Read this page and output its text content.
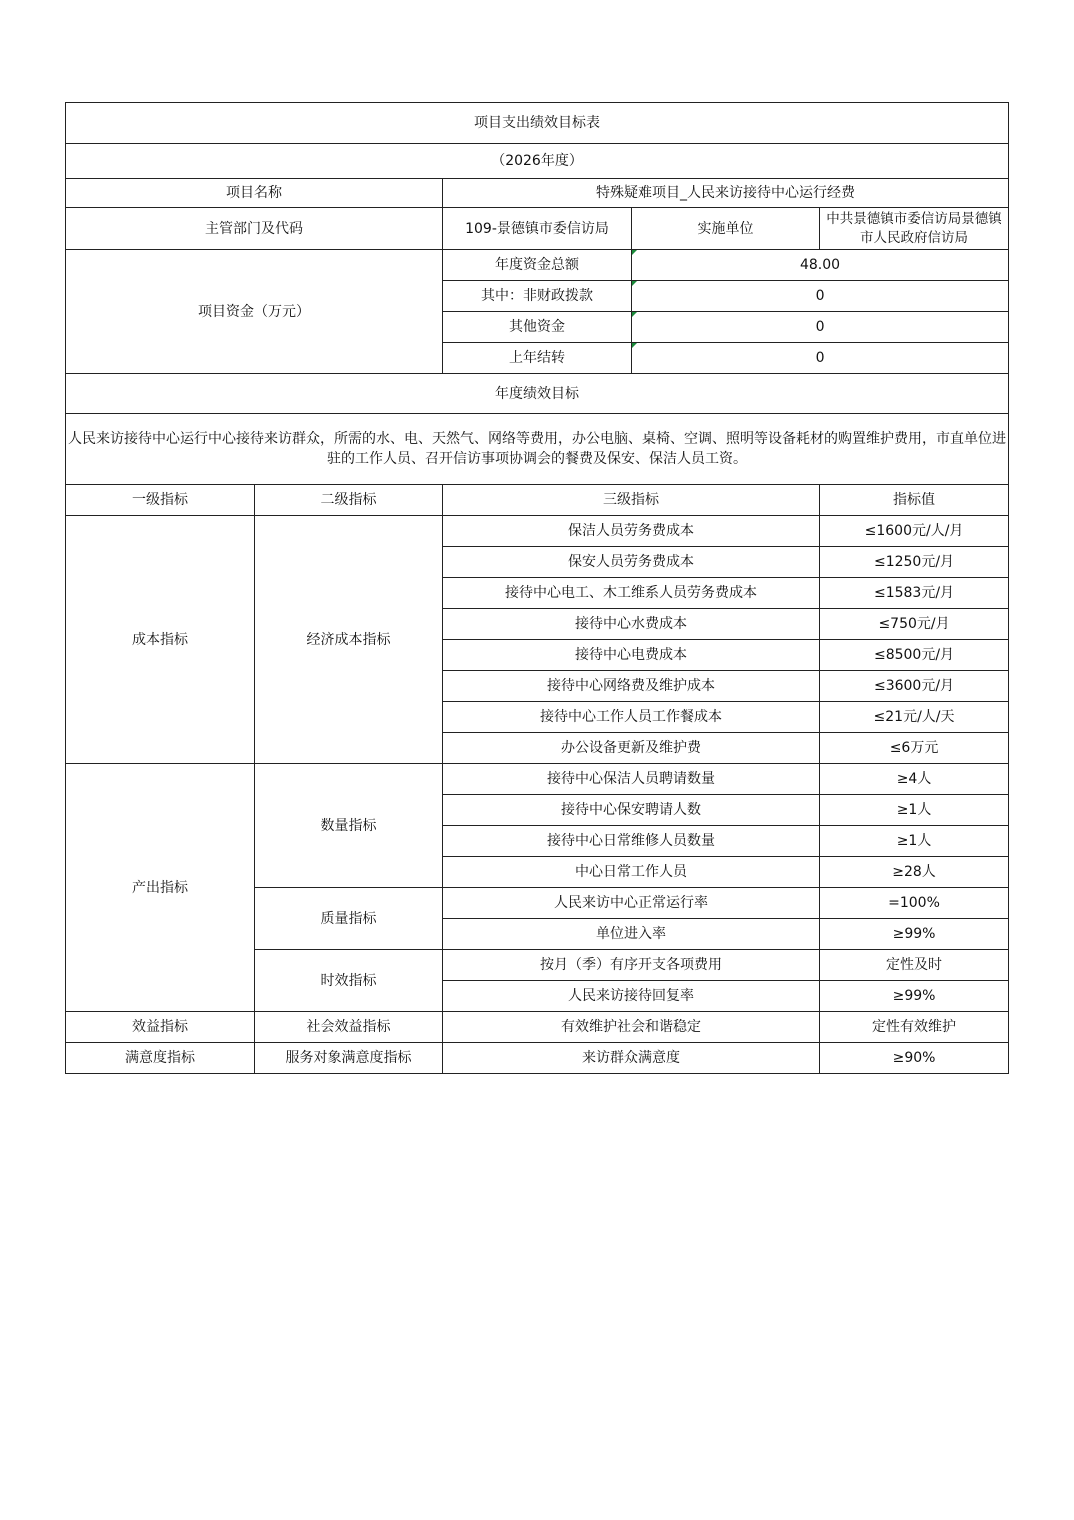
项目支出绩效目标表				
（2026年度）				
项目名称		特殊疑难项目_人民来访接待中心运行经费		
主管部门及代码		109-景德镇市委信访局	实施单位	中共景德镇市委信访局景德镇市人民政府信访局
项目资金（万元）		年度资金总额	48.00	
		其中：非财政拨款	0	
		其他资金	0	
		上年结转	0	
年度绩效目标				
人民来访接待中心运行中心接待来访群众，所需的水、电、天然气、网络等费用，办公电脑、桌椅、空调、照明等设备耗材的购置维护费用，市直单位进驻的工作人员、召开信访事项协调会的餐费及保安、保洁人员工资。				
一级指标	二级指标	三级指标		指标值
成本指标	经济成本指标	保洁人员劳务费成本		≤1600元/人/月
		保安人员劳务费成本		≤1250元/月
		接待中心电工、木工维系人员劳务费成本		≤1583元/月
		接待中心水费成本		≤750元/月
		接待中心电费成本		≤8500元/月
		接待中心网络费及维护成本		≤3600元/月
		接待中心工作人员工作餐成本		≤21元/人/天
		办公设备更新及维护费		≤6万元
产出指标	数量指标	接待中心保洁人员聘请数量		≥4人
		接待中心保安聘请人数		≥1人
		接待中心日常维修人员数量		≥1人
		中心日常工作人员		≥28人
	质量指标	人民来访中心正常运行率		=100%
		单位进入率		≥99%
	时效指标	按月（季）有序开支各项费用		定性及时
		人民来访接待回复率		≥99%
效益指标	社会效益指标	有效维护社会和谐稳定		定性有效维护
满意度指标	服务对象满意度指标	来访群众满意度		≥90%
